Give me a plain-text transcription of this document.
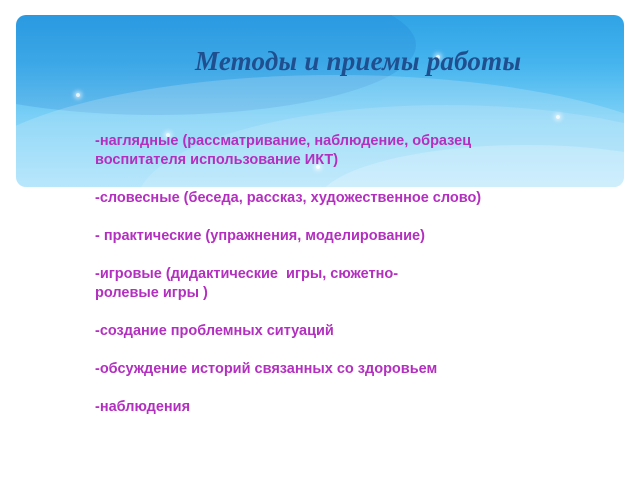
Методы и приемы работы
-наглядные (рассматривание, наблюдение, образец
воспитателя использование ИКТ)
-словесные (беседа, рассказ, художественное слово)
- практические (упражнения, моделирование)
-игровые (дидактические  игры, сюжетно-
ролевые игры )
-создание проблемных ситуаций
-обсуждение историй связанных со здоровьем
-наблюдения
